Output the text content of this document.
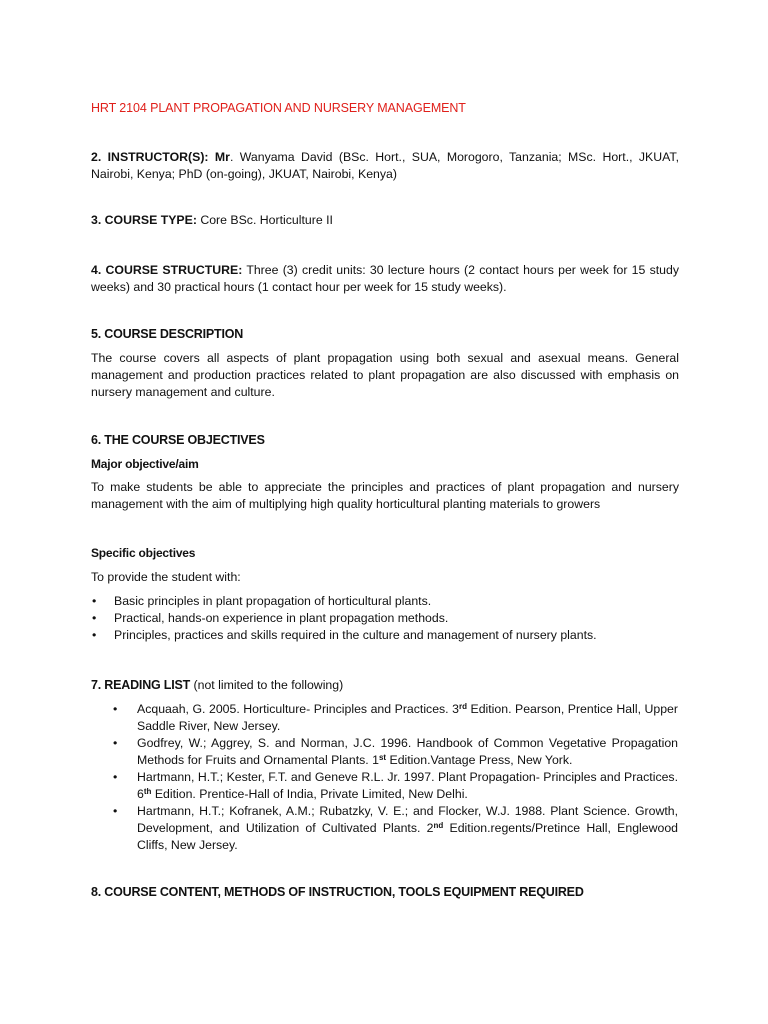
HRT 2104 PLANT PROPAGATION AND NURSERY MANAGEMENT
2. INSTRUCTOR(S): Mr. Wanyama David (BSc. Hort., SUA, Morogoro, Tanzania; MSc. Hort., JKUAT, Nairobi, Kenya; PhD (on-going), JKUAT, Nairobi, Kenya)
3. COURSE TYPE: Core BSc. Horticulture II
4. COURSE STRUCTURE: Three (3) credit units: 30 lecture hours (2 contact hours per week for 15 study weeks) and 30 practical hours (1 contact hour per week for 15 study weeks).
5. COURSE DESCRIPTION
The course covers all aspects of plant propagation using both sexual and asexual means. General management and production practices related to plant propagation are also discussed with emphasis on nursery management and culture.
6. THE COURSE OBJECTIVES
Major objective/aim
To make students be able to appreciate the principles and practices of plant propagation and nursery management with the aim of multiplying high quality horticultural planting materials to growers
Specific objectives
To provide the student with:
• Basic principles in plant propagation of horticultural plants.
• Practical, hands-on experience in plant propagation methods.
• Principles, practices and skills required in the culture and management of nursery plants.
7. READING LIST (not limited to the following)
• Acquaah, G. 2005. Horticulture- Principles and Practices. 3rd Edition. Pearson, Prentice Hall, Upper Saddle River, New Jersey.
• Godfrey, W.; Aggrey, S. and Norman, J.C. 1996. Handbook of Common Vegetative Propagation Methods for Fruits and Ornamental Plants. 1st Edition.Vantage Press, New York.
• Hartmann, H.T.; Kester, F.T. and Geneve R.L. Jr. 1997. Plant Propagation- Principles and Practices. 6th Edition. Prentice-Hall of India, Private Limited, New Delhi.
• Hartmann, H.T.; Kofranek, A.M.; Rubatzky, V. E.; and Flocker, W.J. 1988. Plant Science. Growth, Development, and Utilization of Cultivated Plants. 2nd Edition.regents/Pretince Hall, Englewood Cliffs, New Jersey.
8. COURSE CONTENT, METHODS OF INSTRUCTION, TOOLS EQUIPMENT REQUIRED
